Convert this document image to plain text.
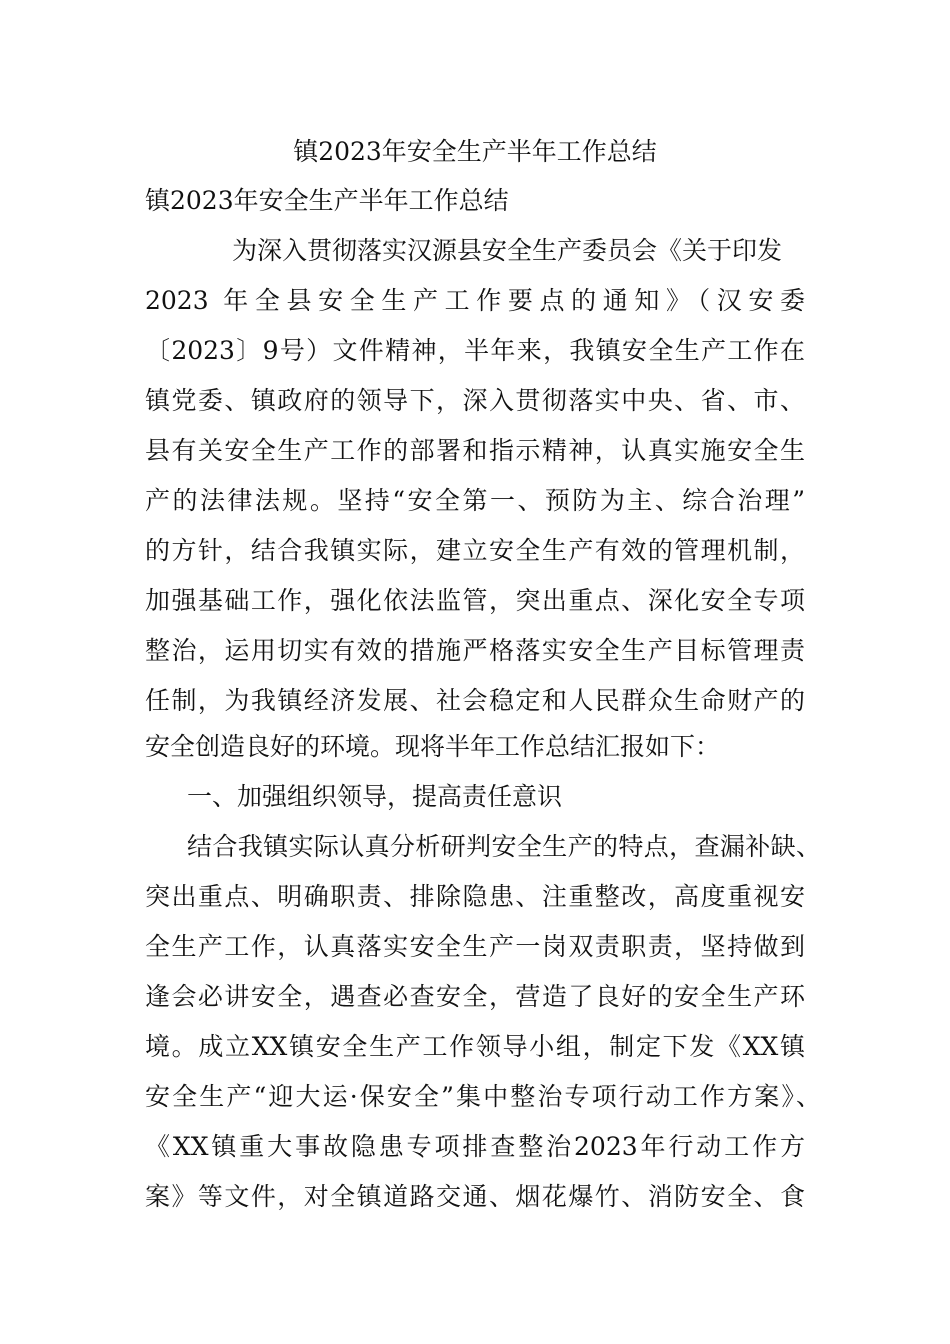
镇2023年安全生产半年工作总结
镇2023年安全生产半年工作总结
为深入贯彻落实汉源县安全生产委员会《关于印发
2023 年全县安全生产工作要点的通知》（汉安委
〔2023〕9号）文件精神，半年来，我镇安全生产工作在
镇党委、镇政府的领导下，深入贯彻落实中央、省、市、
县有关安全生产工作的部署和指示精神，认真实施安全生
产的法律法规。坚持“安全第一、预防为主、综合治理”
的方针，结合我镇实际，建立安全生产有效的管理机制，
加强基础工作，强化依法监管，突出重点、深化安全专项
整治，运用切实有效的措施严格落实安全生产目标管理责
任制，为我镇经济发展、社会稳定和人民群众生命财产的
安全创造良好的环境。现将半年工作总结汇报如下：
一、加强组织领导，提高责任意识
结合我镇实际认真分析研判安全生产的特点，查漏补缺、
突出重点、明确职责、排除隐患、注重整改，高度重视安
全生产工作，认真落实安全生产一岗双责职责，坚持做到
逢会必讲安全，遇查必查安全，营造了良好的安全生产环
境。成立XX镇安全生产工作领导小组，制定下发《XX镇
安全生产“迎大运·保安全”集中整治专项行动工作方案》、
《XX镇重大事故隐患专项排查整治2023年行动工作方
案》等文件，对全镇道路交通、烟花爆竹、消防安全、食
